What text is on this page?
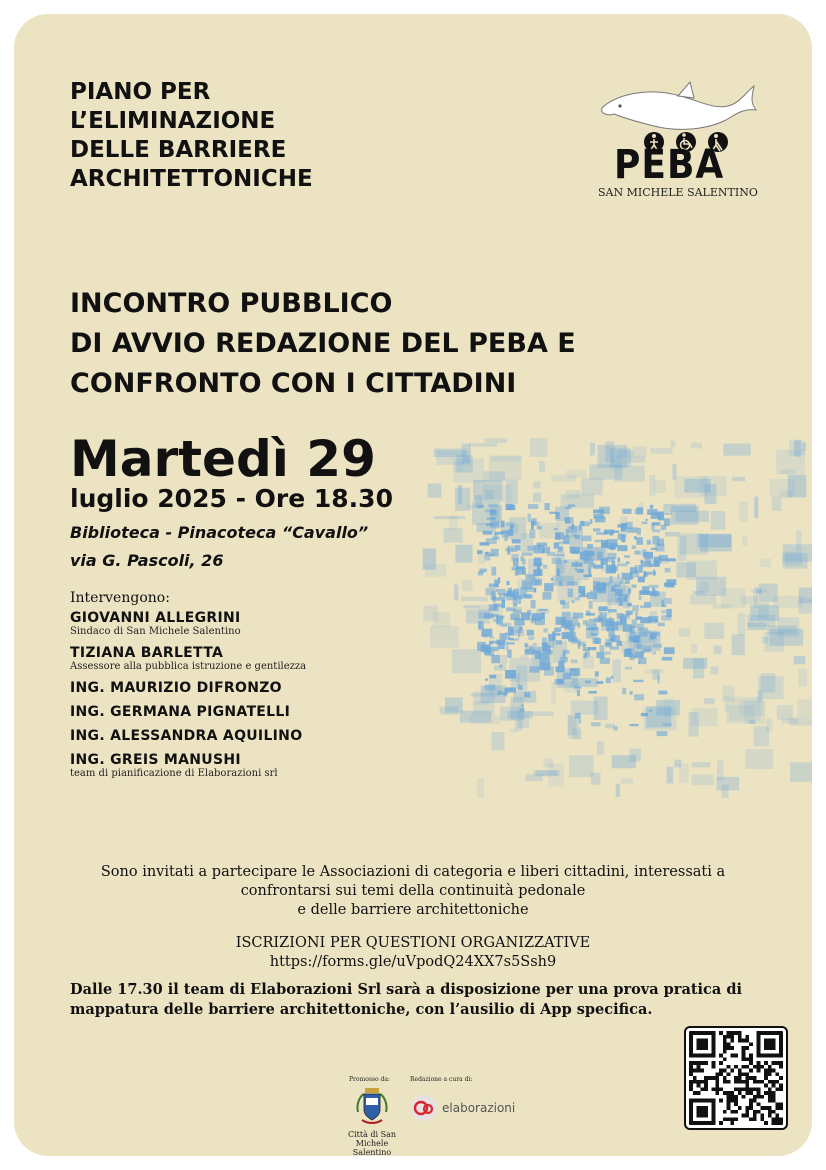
PIANO PER
L’ELIMINAZIONE
DELLE BARRIERE
ARCHITETTONICHE	PEBA
SAN MICHELE SALENTINO
INCONTRO PUBBLICO
DI AVVIO REDAZIONE DEL PEBA E
CONFRONTO CON I CITTADINI
Martedì 29
luglio 2025 - Ore 18.30
Biblioteca - Pinacoteca “Cavallo”
via G. Pascoli, 26
Intervengono:
GIOVANNI ALLEGRINI
Sindaco di San Michele Salentino
TIZIANA BARLETTA
Assessore alla pubblica istruzione e gentilezza
ING. MAURIZIO DIFRONZO
ING. GERMANA PIGNATELLI
ING. ALESSANDRA AQUILINO
ING. GREIS MANUSHI
team di pianificazione di Elaborazioni srl
Sono invitati a partecipare le Associazioni di categoria e liberi cittadini, interessati a
confrontarsi sui temi della continuità pedonale
e delle barriere architettoniche
ISCRIZIONI PER QUESTIONI ORGANIZZATIVE
https://forms.gle/uVpodQ24XX7s5Ssh9
Dalle 17.30 il team di Elaborazioni Srl sarà a disposizione per una prova pratica di mappatura delle barriere architettoniche, con l’ausilio di App specifica.
Promosso da:
Città di San
Michele Salentino
Redazione a cura di:
elaborazioni
